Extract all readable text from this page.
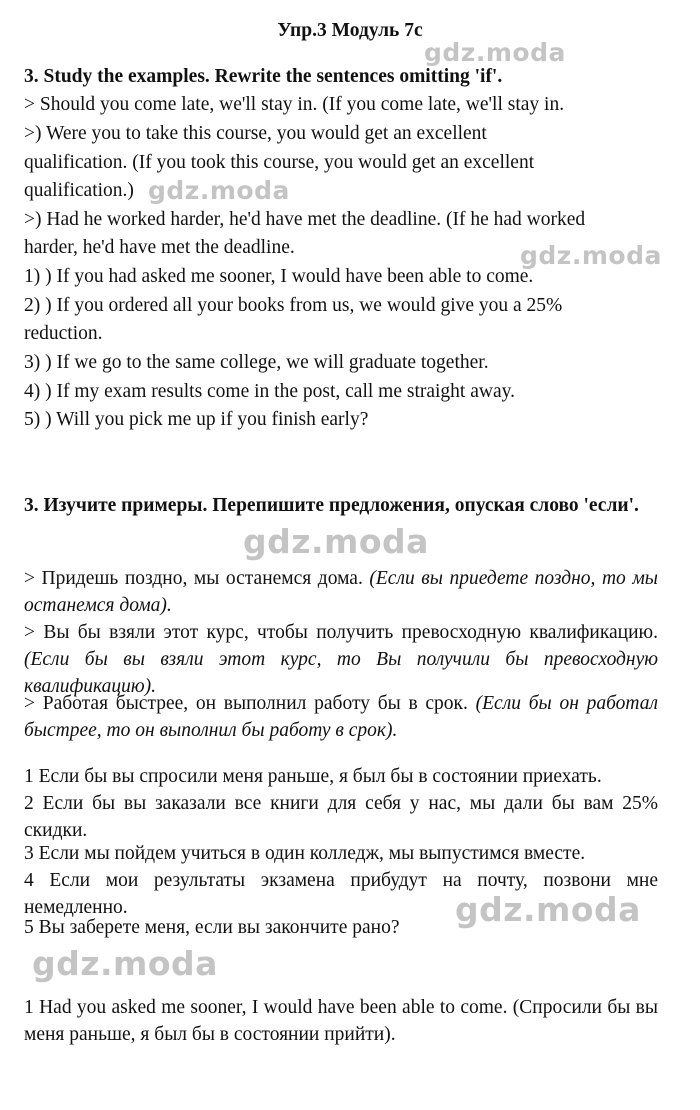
Упр.3 Модуль 7с
3. Study the examples. Rewrite the sentences omitting 'if'.
> Should you come late, we'll stay in. (If you come late, we'll stay in.
>) Were you to take this course, you would get an excellent
qualification. (If you took this course, you would get an excellent
qualification.)
>) Had he worked harder, he'd have met the deadline. (If he had worked
harder, he'd have met the deadline.
1) ) If you had asked me sooner, I would have been able to come.
2) ) If you ordered all your books from us, we would give you a 25%
reduction.
3) ) If we go to the same college, we will graduate together.
4) ) If my exam results come in the post, call me straight away.
5) ) Will you pick me up if you finish early?
3. Изучите примеры. Перепишите предложения, опуская слово 'если'.
> Придешь поздно, мы останемся дома. (Если вы приедете поздно, то мы останемся дома).
> Вы бы взяли этот курс, чтобы получить превосходную квалификацию. (Если бы вы взяли этот курс, то Вы получили бы превосходную квалификацию).
> Работая быстрее, он выполнил работу бы в срок. (Если бы он работал быстрее, то он выполнил бы работу в срок).
1 Если бы вы спросили меня раньше, я был бы в состоянии приехать.
2 Если бы вы заказали все книги для себя у нас, мы дали бы вам 25% скидки.
3 Если мы пойдем учиться в один колледж, мы выпустимся вместе.
4 Если мои результаты экзамена прибудут на почту, позвони мне немедленно.
5 Вы заберете меня, если вы закончите рано?
1 Had you asked me sooner, I would have been able to come. (Спросили бы вы меня раньше, я был бы в состоянии прийти).
gdz.moda
gdz.moda
gdz.moda
gdz.moda
gdz.moda
gdz.moda
